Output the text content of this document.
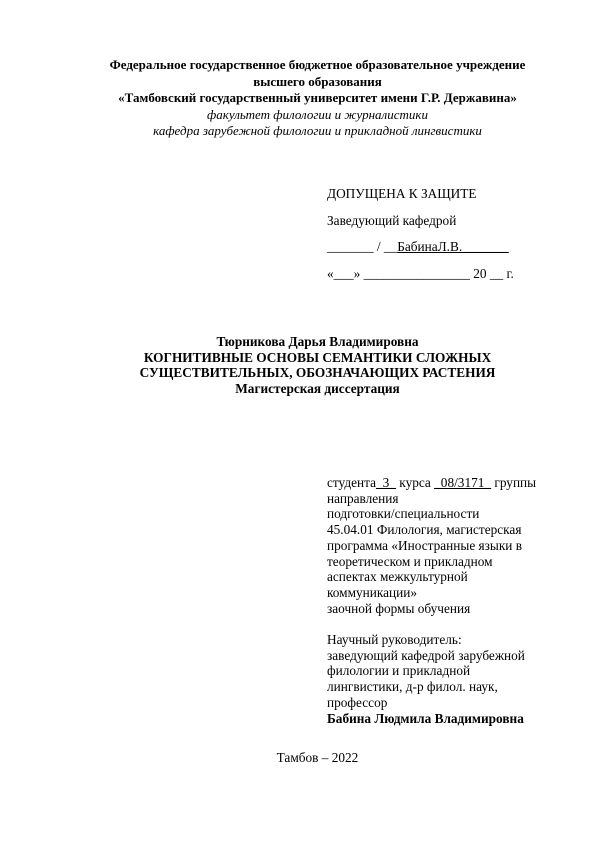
Федеральное государственное бюджетное образовательное учреждение
высшего образования
«Тамбовский государственный университет имени Г.Р. Державина»
факультет филологии и журналистики
кафедра зарубежной филологии и прикладной лингвистики
ДОПУЩЕНА К ЗАЩИТЕ
Заведующий кафедрой
_______ / __БабинаЛ.В._______
«___» ________________ 20 __ г.
Тюрникова Дарья Владимировна
КОГНИТИВНЫЕ ОСНОВЫ СЕМАНТИКИ СЛОЖНЫХ
СУЩЕСТВИТЕЛЬНЫХ, ОБОЗНАЧАЮЩИХ РАСТЕНИЯ
Магистерская диссертация
студента_3_ курса _08/3171_ группы
направления
подготовки/специальности
45.04.01 Филология, магистерская
программа «Иностранные языки в
теоретическом и прикладном
аспектах межкультурной
коммуникации»
заочной формы обучения
Научный руководитель:
заведующий кафедрой зарубежной
филологии и прикладной
лингвистики, д-р филол. наук,
профессор
Бабина Людмила Владимировна
Тамбов – 2022
